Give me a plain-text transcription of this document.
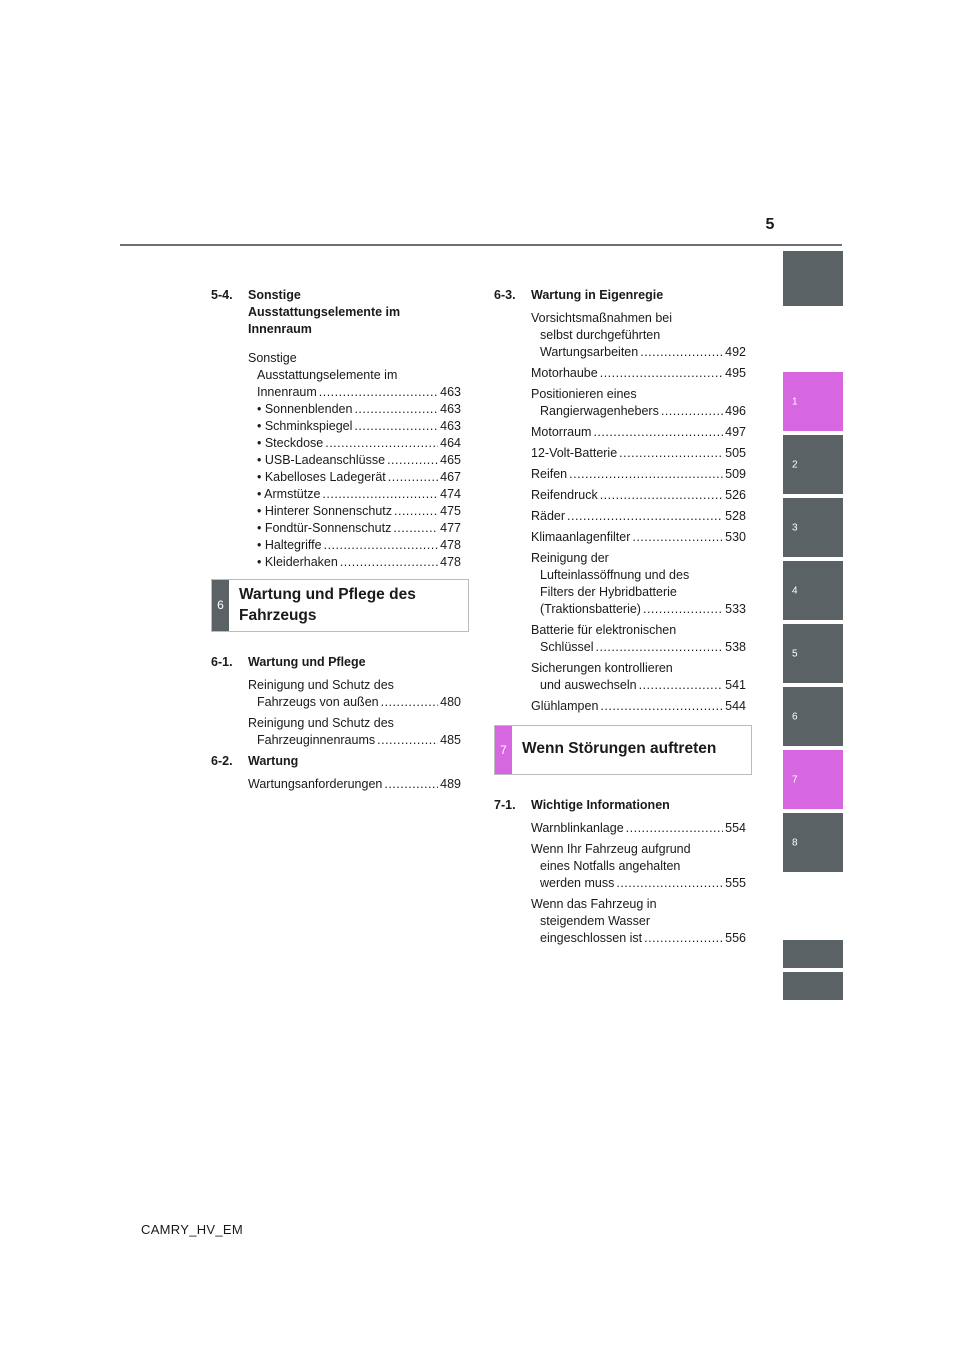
5
1
2
3
4
5
6
7
8
5-4.	Sonstige
Ausstattungselemente im
Innenraum
Sonstige
Ausstattungselemente im
Innenraum .....	463
• Sonnenblenden .....	463
• Schminkspiegel .....	463
• Steckdose .....	464
• USB-Ladeanschlüsse .....	465
• Kabelloses Ladegerät .....	467
• Armstütze .....	474
• Hinterer Sonnenschutz .....	475
• Fondtür-Sonnenschutz .....	477
• Haltegriffe .....	478
• Kleiderhaken .....	478
6
Wartung und Pflege des
Fahrzeugs
6-1.	Wartung und Pflege
Reinigung und Schutz des
Fahrzeugs von außen .....	480
Reinigung und Schutz des
Fahrzeuginnenraums .....	485
6-2.	Wartung
Wartungsanforderungen .....	489
6-3.	Wartung in Eigenregie
Vorsichtsmaßnahmen bei
selbst durchgeführten
Wartungsarbeiten .....	492
Motorhaube .....	495
Positionieren eines
Rangierwagenhebers .....	496
Motorraum .....	497
12-Volt-Batterie .....	505
Reifen .....	509
Reifendruck .....	526
Räder .....	528
Klimaanlagenfilter .....	530
Reinigung der
Lufteinlassöffnung und des
Filters der Hybridbatterie
(Traktionsbatterie) .....	533
Batterie für elektronischen
Schlüssel .....	538
Sicherungen kontrollieren
und auswechseln .....	541
Glühlampen .....	544
7 Wenn Störungen auftreten
7-1.	Wichtige Informationen
Warnblinkanlage .....	554
Wenn Ihr Fahrzeug aufgrund
eines Notfalls angehalten
werden muss .....	555
Wenn das Fahrzeug in
steigendem Wasser
eingeschlossen ist .....	556
CAMRY_HV_EM
